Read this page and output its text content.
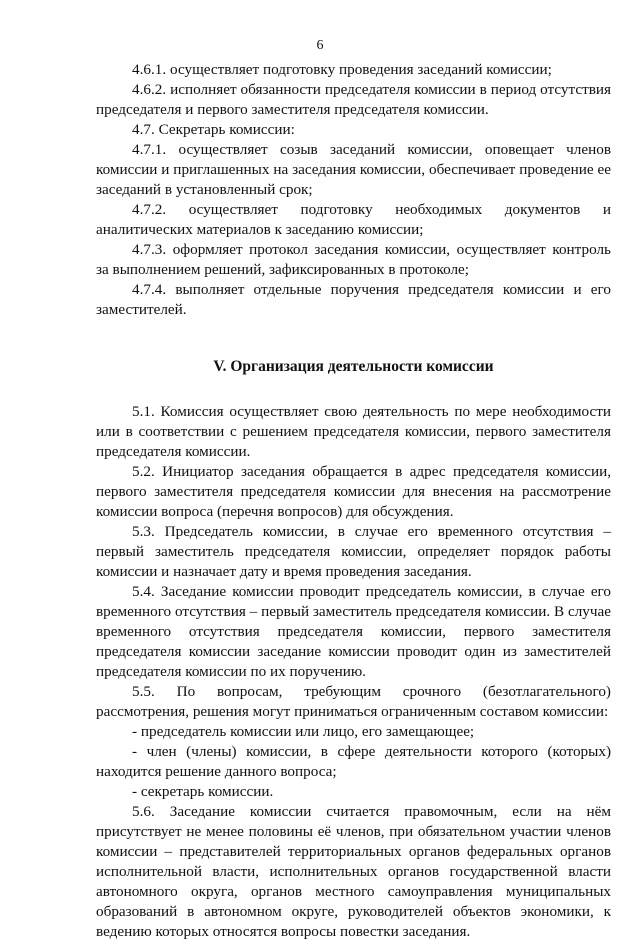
6

4.6.1. осуществляет подготовку проведения заседаний комиссии;

4.6.2. исполняет обязанности председателя комиссии в период отсутствия председателя и первого заместителя председателя комиссии.

4.7. Секретарь комиссии:

4.7.1. осуществляет созыв заседаний комиссии, оповещает членов комиссии и приглашенных на заседания комиссии, обеспечивает проведение ее заседаний в установленный срок;

4.7.2. осуществляет подготовку необходимых документов и аналитических материалов к заседанию комиссии;

4.7.3. оформляет протокол заседания комиссии, осуществляет контроль за выполнением решений, зафиксированных в протоколе;

4.7.4. выполняет отдельные поручения председателя комиссии и его заместителей.

V. Организация деятельности комиссии

5.1. Комиссия осуществляет свою деятельность по мере необходимости или в соответствии с решением председателя комиссии, первого заместителя председателя комиссии.

5.2. Инициатор заседания обращается в адрес председателя комиссии, первого заместителя председателя комиссии для внесения на рассмотрение комиссии вопроса (перечня вопросов) для обсуждения.

5.3. Председатель комиссии, в случае его временного отсутствия – первый заместитель председателя комиссии, определяет порядок работы комиссии и назначает дату и время проведения заседания.

5.4. Заседание комиссии проводит председатель комиссии, в случае его временного отсутствия – первый заместитель председателя комиссии. В случае временного отсутствия председателя комиссии, первого заместителя председателя комиссии заседание комиссии проводит один из заместителей председателя комиссии по их поручению.

5.5. По вопросам, требующим срочного (безотлагательного) рассмотрения, решения могут приниматься ограниченным составом комиссии:

- председатель комиссии или лицо, его замещающее;

- член (члены) комиссии, в сфере деятельности которого (которых) находится решение данного вопроса;

- секретарь комиссии.

5.6. Заседание комиссии считается правомочным, если на нём присутствует не менее половины её членов, при обязательном участии членов комиссии – представителей территориальных органов федеральных органов исполнительной власти, исполнительных органов государственной власти автономного округа, органов местного самоуправления муниципальных образований в автономном округе, руководителей объектов экономики, к ведению которых относятся вопросы повестки заседания.
